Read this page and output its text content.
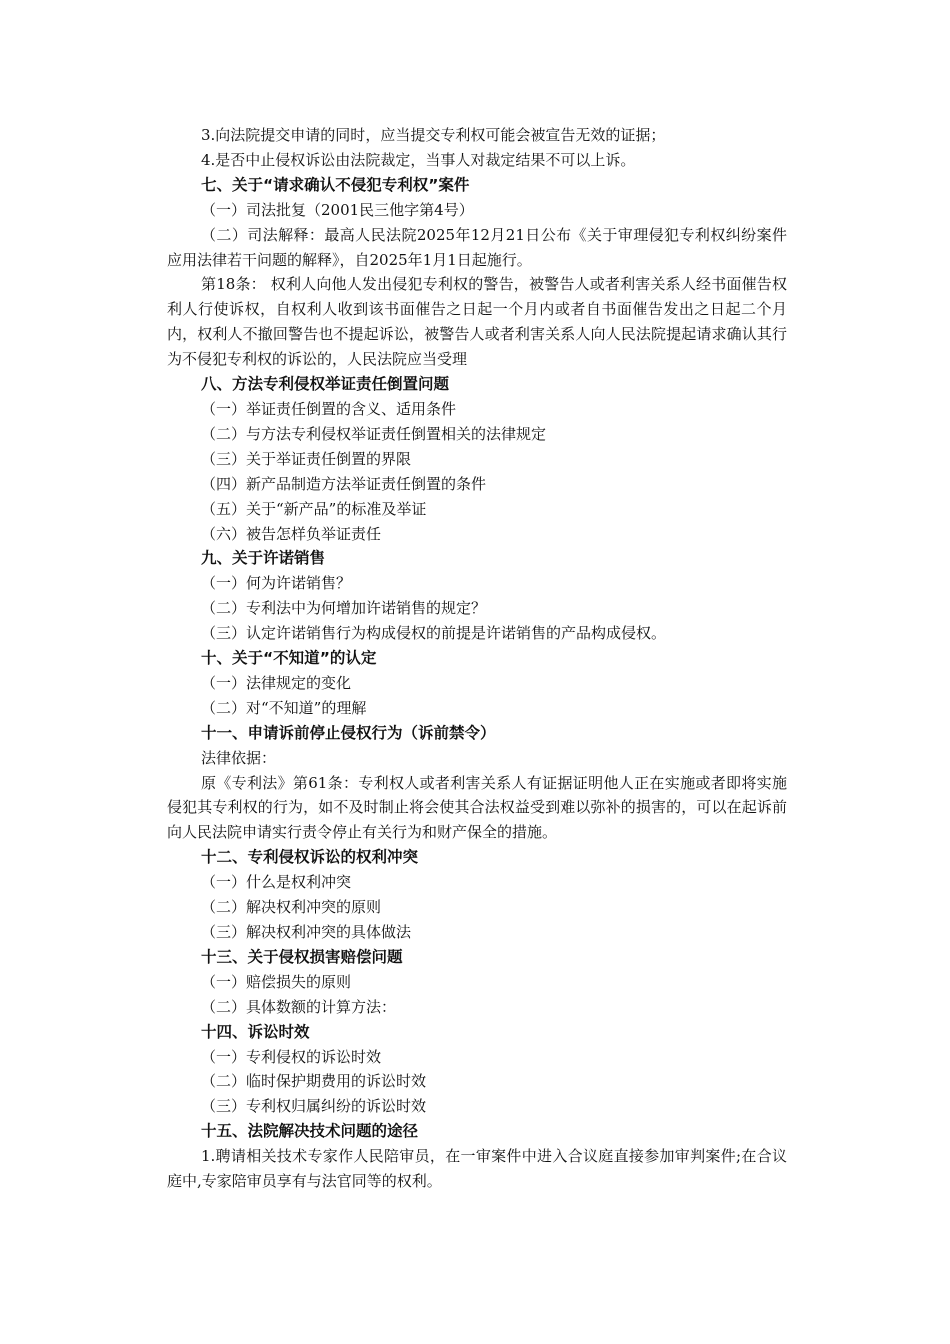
3.向法院提交申请的同时，应当提交专利权可能会被宣告无效的证据；
4.是否中止侵权诉讼由法院裁定，当事人对裁定结果不可以上诉。
七、关于“请求确认不侵犯专利权”案件
（一）司法批复（2001民三他字第4号）
（二）司法解释：最高人民法院2025年12月21日公布《关于审理侵犯专利权纠纷案件应用法律若干问题的解释》，自2025年1月1日起施行。
第18条： 权利人向他人发出侵犯专利权的警告，被警告人或者利害关系人经书面催告权利人行使诉权，自权利人收到该书面催告之日起一个月内或者自书面催告发出之日起二个月内，权利人不撤回警告也不提起诉讼，被警告人或者利害关系人向人民法院提起请求确认其行为不侵犯专利权的诉讼的，人民法院应当受理
八、方法专利侵权举证责任倒置问题
（一）举证责任倒置的含义、适用条件
（二）与方法专利侵权举证责任倒置相关的法律规定
（三）关于举证责任倒置的界限
（四）新产品制造方法举证责任倒置的条件
（五）关于“新产品”的标准及举证
（六）被告怎样负举证责任
九、关于许诺销售
（一）何为许诺销售？
（二）专利法中为何增加许诺销售的规定？
（三）认定许诺销售行为构成侵权的前提是许诺销售的产品构成侵权。
十、关于“不知道”的认定
（一）法律规定的变化
（二）对“不知道”的理解
十一、申请诉前停止侵权行为（诉前禁令）
法律依据：
原《专利法》第61条：专利权人或者利害关系人有证据证明他人正在实施或者即将实施侵犯其专利权的行为，如不及时制止将会使其合法权益受到难以弥补的损害的，可以在起诉前向人民法院申请实行责令停止有关行为和财产保全的措施。
十二、专利侵权诉讼的权利冲突
（一）什么是权利冲突
（二）解决权利冲突的原则
（三）解决权利冲突的具体做法
十三、关于侵权损害赔偿问题
（一）赔偿损失的原则
（二）具体数额的计算方法：
十四、诉讼时效
（一）专利侵权的诉讼时效
（二）临时保护期费用的诉讼时效
（三）专利权归属纠纷的诉讼时效
十五、法院解决技术问题的途径
1.聘请相关技术专家作人民陪审员，在一审案件中进入合议庭直接参加审判案件;在合议庭中,专家陪审员享有与法官同等的权利。
